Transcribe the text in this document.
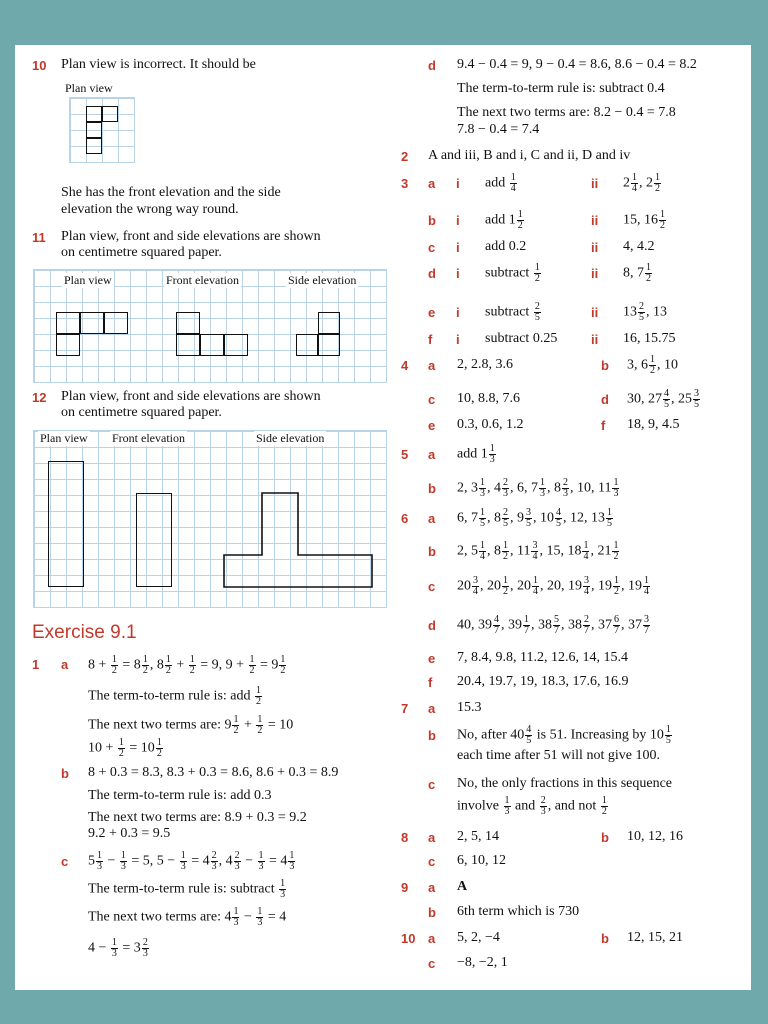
10 Plan view is incorrect. It should be
Plan view
She has the front elevation and the side
elevation the wrong way round.
11 Plan view, front and side elevations are shown
on centimetre squared paper.
Plan view	Front elevation	Side elevation
12 Plan view, front and side elevations are shown
on centimetre squared paper.
Plan view Front elevation	Side elevation
Exercise 9.1
1 a $8 + \frac{1}{2} = 8 \frac{1}{2}$ , $8 \frac{1}{2} + \frac{1}{2} = 9$, $9 + \frac{1}{2} = 9 \frac{1}{2}$
The term-to-term rule is: add $\frac{1}{2}$
The next two terms are: $9 \frac{1}{2} + \frac{1}{2} = 10$
$10 + \frac{1}{2} = 10 \frac{1}{2}$
b 8 + 0.3 = 8.3, 8.3 + 0.3 = 8.6, 8.6 + 0.3 = 8.9
The term-to-term rule is: add 0.3
The next two terms are: 8.9 + 0.3 = 9.2
9.2 + 0.3 = 9.5
c $5 \frac{1}{3} - \frac{1}{3} = 5$, $5 - \frac{1}{3} = 4 \frac{2}{3}$ , $4 \frac{2}{3} - \frac{1}{3} = 4 \frac{1}{3}$
The term-to-term rule is: subtract $\frac{1}{3}$
The next two terms are: $4 \frac{1}{3} - \frac{1}{3} = 4$
$4 - \frac{1}{3} = 3 \frac{2}{3}$
d 9.4 − 0.4 = 9, 9 − 0.4 = 8.6, 8.6 − 0.4 = 8.2
The term-to-term rule is: subtract 0.4
The next two terms are: 8.2 − 0.4 = 7.8
7.8 − 0.4 = 7.4
2 A and iii, B and i, C and ii, D and iv
3 a i add $\frac{1}{4}$	ii $2 \frac{1}{4}$ , $2 \frac{1}{2}$
b i add $1 \frac{1}{2}$	ii 15, $16 \frac{1}{2}$
c i add 0.2	ii 4, 4.2
d i subtract $\frac{1}{2}$	ii 8, $7 \frac{1}{2}$
e i subtract $\frac{2}{5}$	ii $13 \frac{2}{5}$ , 13
f i subtract 0.25	ii 16, 15.75
4 a 2, 2.8, 3.6	b 3, $6 \frac{1}{2}$ , 10
c 10, 8.8, 7.6	d 30, $27 \frac{4}{5}$ , $25 \frac{3}{5}$
e 0.3, 0.6, 1.2	f 18, 9, 4.5
5 a add $1 \frac{1}{3}$
b 2, $3 \frac{1}{3}$ , $4 \frac{2}{3}$ , 6, $7 \frac{1}{3}$ , $8 \frac{2}{3}$ , 10, $11 \frac{1}{3}$
6 a 6, $7 \frac{1}{5}$ , $8 \frac{2}{5}$ , $9 \frac{3}{5}$ , $10 \frac{4}{5}$ , 12, $13 \frac{1}{5}$
b 2, $5 \frac{1}{4}$ , $8 \frac{1}{2}$ , $11 \frac{3}{4}$ , 15, $18 \frac{1}{4}$ , $21 \frac{1}{2}$
c $20 \frac{3}{4}$ , $20 \frac{1}{2}$ , $20 \frac{1}{4}$ , 20, $19 \frac{3}{4}$ , $19 \frac{1}{2}$ , $19 \frac{1}{4}$
d 40, $39 \frac{4}{7}$ , $39 \frac{1}{7}$ , $38 \frac{5}{7}$ , $38 \frac{2}{7}$ , $37 \frac{6}{7}$ , $37 \frac{3}{7}$
e 7, 8.4, 9.8, 11.2, 12.6, 14, 15.4
f 20.4, 19.7, 19, 18.3, 17.6, 16.9
7 a 15.3
b No, after $40 \frac{4}{5}$ is 51. Increasing by $10 \frac{1}{5}$
each time after 51 will not give 100.
c No, the only fractions in this sequence
involve $\frac{1}{3}$ and $\frac{2}{3}$ , and not $\frac{1}{2}$
8 a 2, 5, 14	b 10, 12, 16
c 6, 10, 12
9 a A
b 6th term which is 730
10 a 5, 2, −4	b 12, 15, 21
c −8, −2, 1
